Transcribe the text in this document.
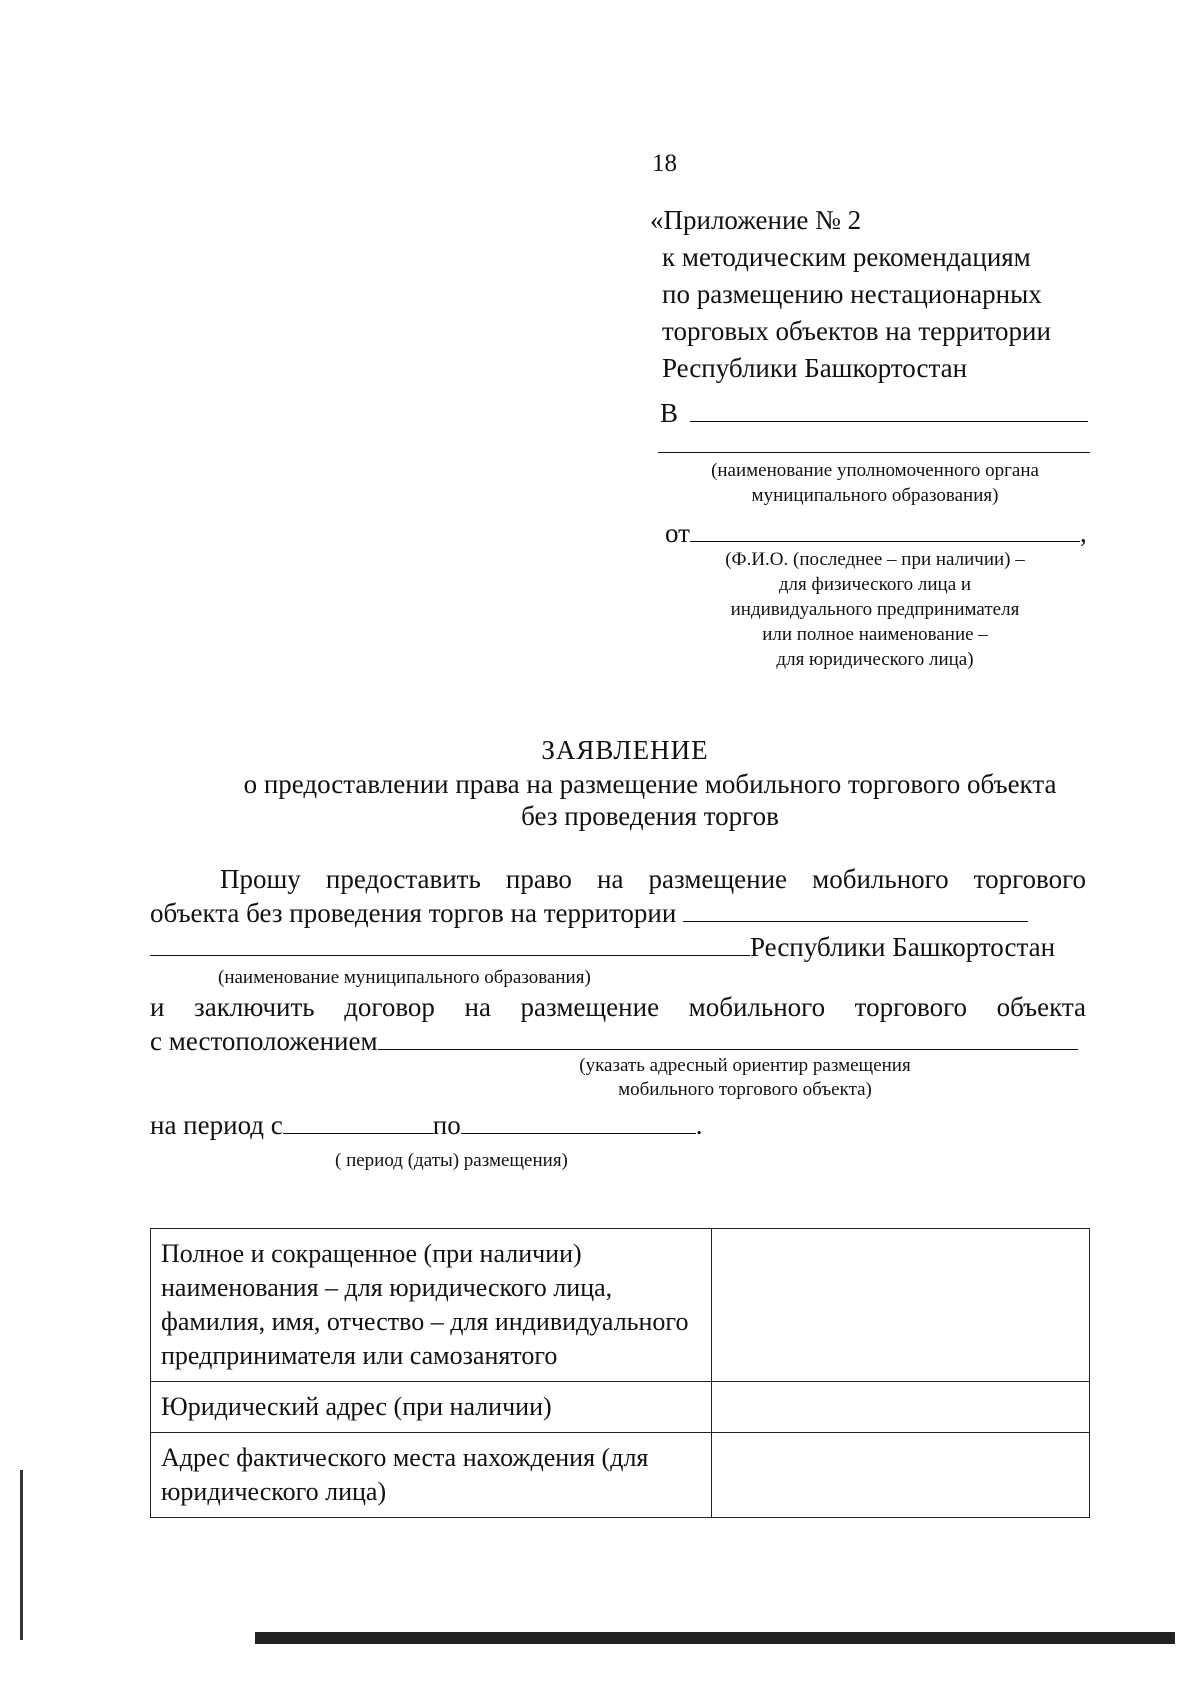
18
«Приложение № 2
к методическим рекомендациям
по размещению нестационарных
торговых объектов на территории
Республики Башкортостан
В
(наименование уполномоченного органа
муниципального образования)
от	,
(Ф.И.О. (последнее – при наличии) –
для физического лица и
индивидуального предпринимателя
или полное наименование –
для юридического лица)
ЗАЯВЛЕНИЕ
о предоставлении права на размещение мобильного торгового объекта
без проведения торгов
Прошу предоставить право на размещение мобильного торгового
объекта без проведения торгов на территории
Республики Башкортостан
(наименование муниципального образования)
и заключить договор на размещение мобильного торгового объекта
с местоположением
(указать адресный ориентир размещения
мобильного торгового объекта)
на период с	по	.
( период (даты) размещения)
Полное и сокращенное (при наличии) наименования – для юридического лица, фамилия, имя, отчество – для индивидуального предпринимателя или самозанятого	
Юридический адрес (при наличии)	
Адрес фактического места нахождения (для юридического лица)	
